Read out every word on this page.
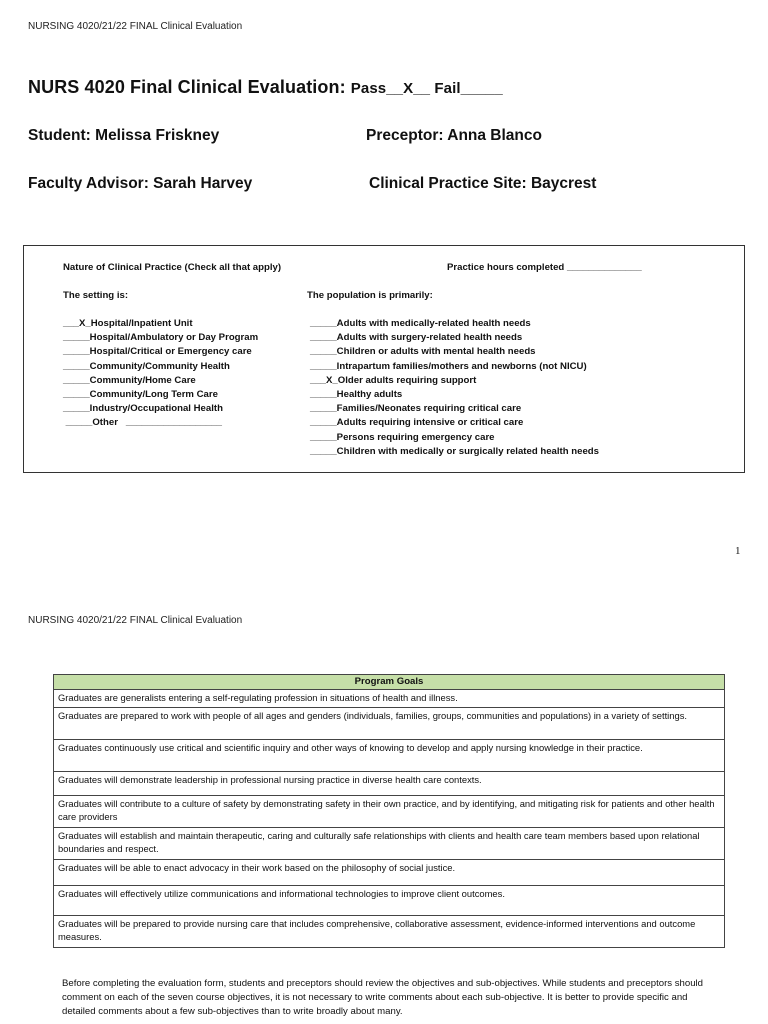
NURSING 4020/21/22 FINAL Clinical Evaluation
NURS 4020 Final Clinical Evaluation: Pass__X__ Fail_____
Student: Melissa Friskney	Preceptor: Anna Blanco
Faculty Advisor: Sarah Harvey	Clinical Practice Site: Baycrest
Nature of Clinical Practice (Check all that apply)	Practice hours completed ______________
The setting is:	The population is primarily:
___X_Hospital/Inpatient Unit
_____Hospital/Ambulatory or Day Program
_____Hospital/Critical or Emergency care
_____Community/Community Health
_____Community/Home Care
_____Community/Long Term Care
_____Industry/Occupational Health
_____Other   __________________
_____Adults with medically-related health needs
_____Adults with surgery-related health needs
_____Children or adults with mental health needs
_____Intrapartum families/mothers and newborns (not NICU)
___X_Older adults requiring support
_____Healthy adults
_____Families/Neonates requiring critical care
_____Adults requiring intensive or critical care
_____Persons requiring emergency care
_____Children with medically or surgically related health needs
1
NURSING 4020/21/22 FINAL Clinical Evaluation
Program Goals
Graduates are generalists entering a self-regulating profession in situations of health and illness.
Graduates are prepared to work with people of all ages and genders (individuals, families, groups, communities and populations) in a variety of settings.
Graduates continuously use critical and scientific inquiry and other ways of knowing to develop and apply nursing knowledge in their practice.
Graduates will demonstrate leadership in professional nursing practice in diverse health care contexts.
Graduates will contribute to a culture of safety by demonstrating safety in their own practice, and by identifying, and mitigating risk for patients and other health care providers
Graduates will establish and maintain therapeutic, caring and culturally safe relationships with clients and health care team members based upon relational boundaries and respect.
Graduates will be able to enact advocacy in their work based on the philosophy of social justice.
Graduates will effectively utilize communications and informational technologies to improve client outcomes.
Graduates will be prepared to provide nursing care that includes comprehensive, collaborative assessment, evidence-informed interventions and outcome measures.
Before completing the evaluation form, students and preceptors should review the objectives and sub-objectives. While students and preceptors should comment on each of the seven course objectives, it is not necessary to write comments about each sub-objective. It is better to provide specific and detailed comments about a few sub-objectives than to write broadly about many.
